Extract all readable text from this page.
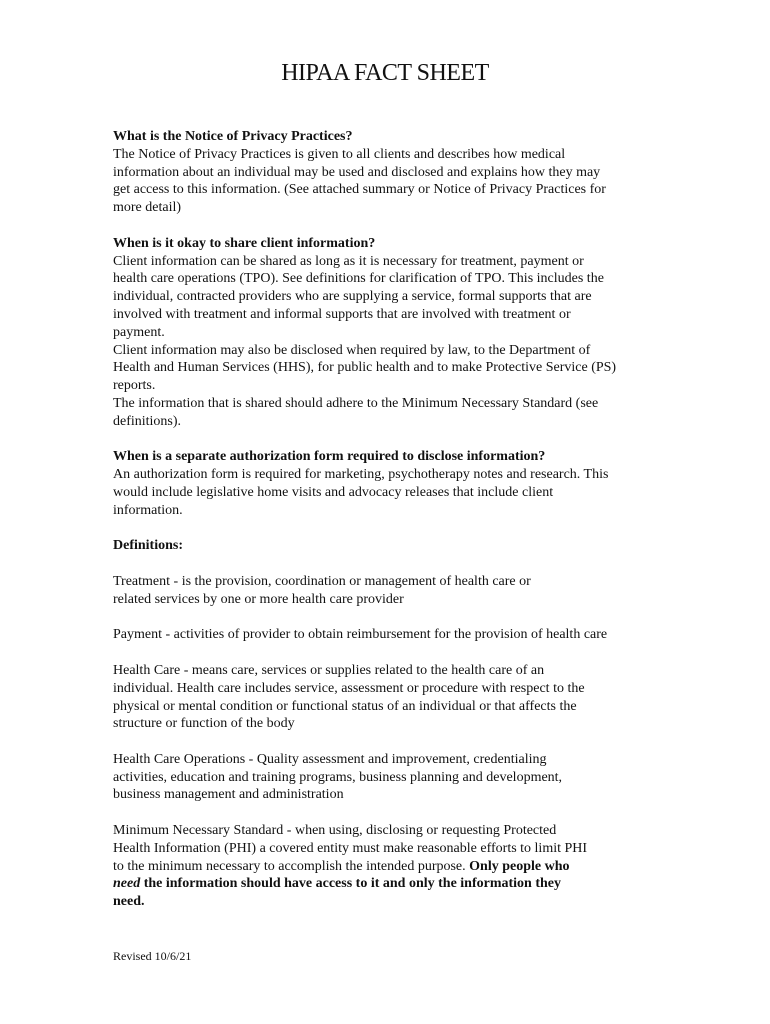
HIPAA FACT SHEET

What is the Notice of Privacy Practices?

The Notice of Privacy Practices is given to all clients and describes how medical

information about an individual may be used and disclosed and explains how they may

get access to this information. (See attached summary or Notice of Privacy Practices for

more detail)

When is it okay to share client information?

Client information can be shared as long as it is necessary for treatment, payment or

health care operations (TPO). See definitions for clarification of TPO. This includes the

individual, contracted providers who are supplying a service, formal supports that are

involved with treatment and informal supports that are involved with treatment or

payment.

Client information may also be disclosed when required by law, to the Department of

Health and Human Services (HHS), for public health and to make Protective Service (PS)

reports.

The information that is shared should adhere to the Minimum Necessary Standard (see

definitions).

When is a separate authorization form required to disclose information?

An authorization form is required for marketing, psychotherapy notes and research. This

would include legislative home visits and advocacy releases that include client

information.

Definitions:

Treatment - is the provision, coordination or management of health care or

related services by one or more health care provider

Payment - activities of provider to obtain reimbursement for the provision of health care

Health Care - means care, services or supplies related to the health care of an

individual. Health care includes service, assessment or procedure with respect to the

physical or mental condition or functional status of an individual or that affects the

structure or function of the body

Health Care Operations - Quality assessment and improvement, credentialing

activities, education and training programs, business planning and development,

business management and administration

Minimum Necessary Standard - when using, disclosing or requesting Protected

Health Information (PHI) a covered entity must make reasonable efforts to limit PHI

to the minimum necessary to accomplish the intended purpose. Only people who

need the information should have access to it and only the information they

need.

Revised 10/6/21
